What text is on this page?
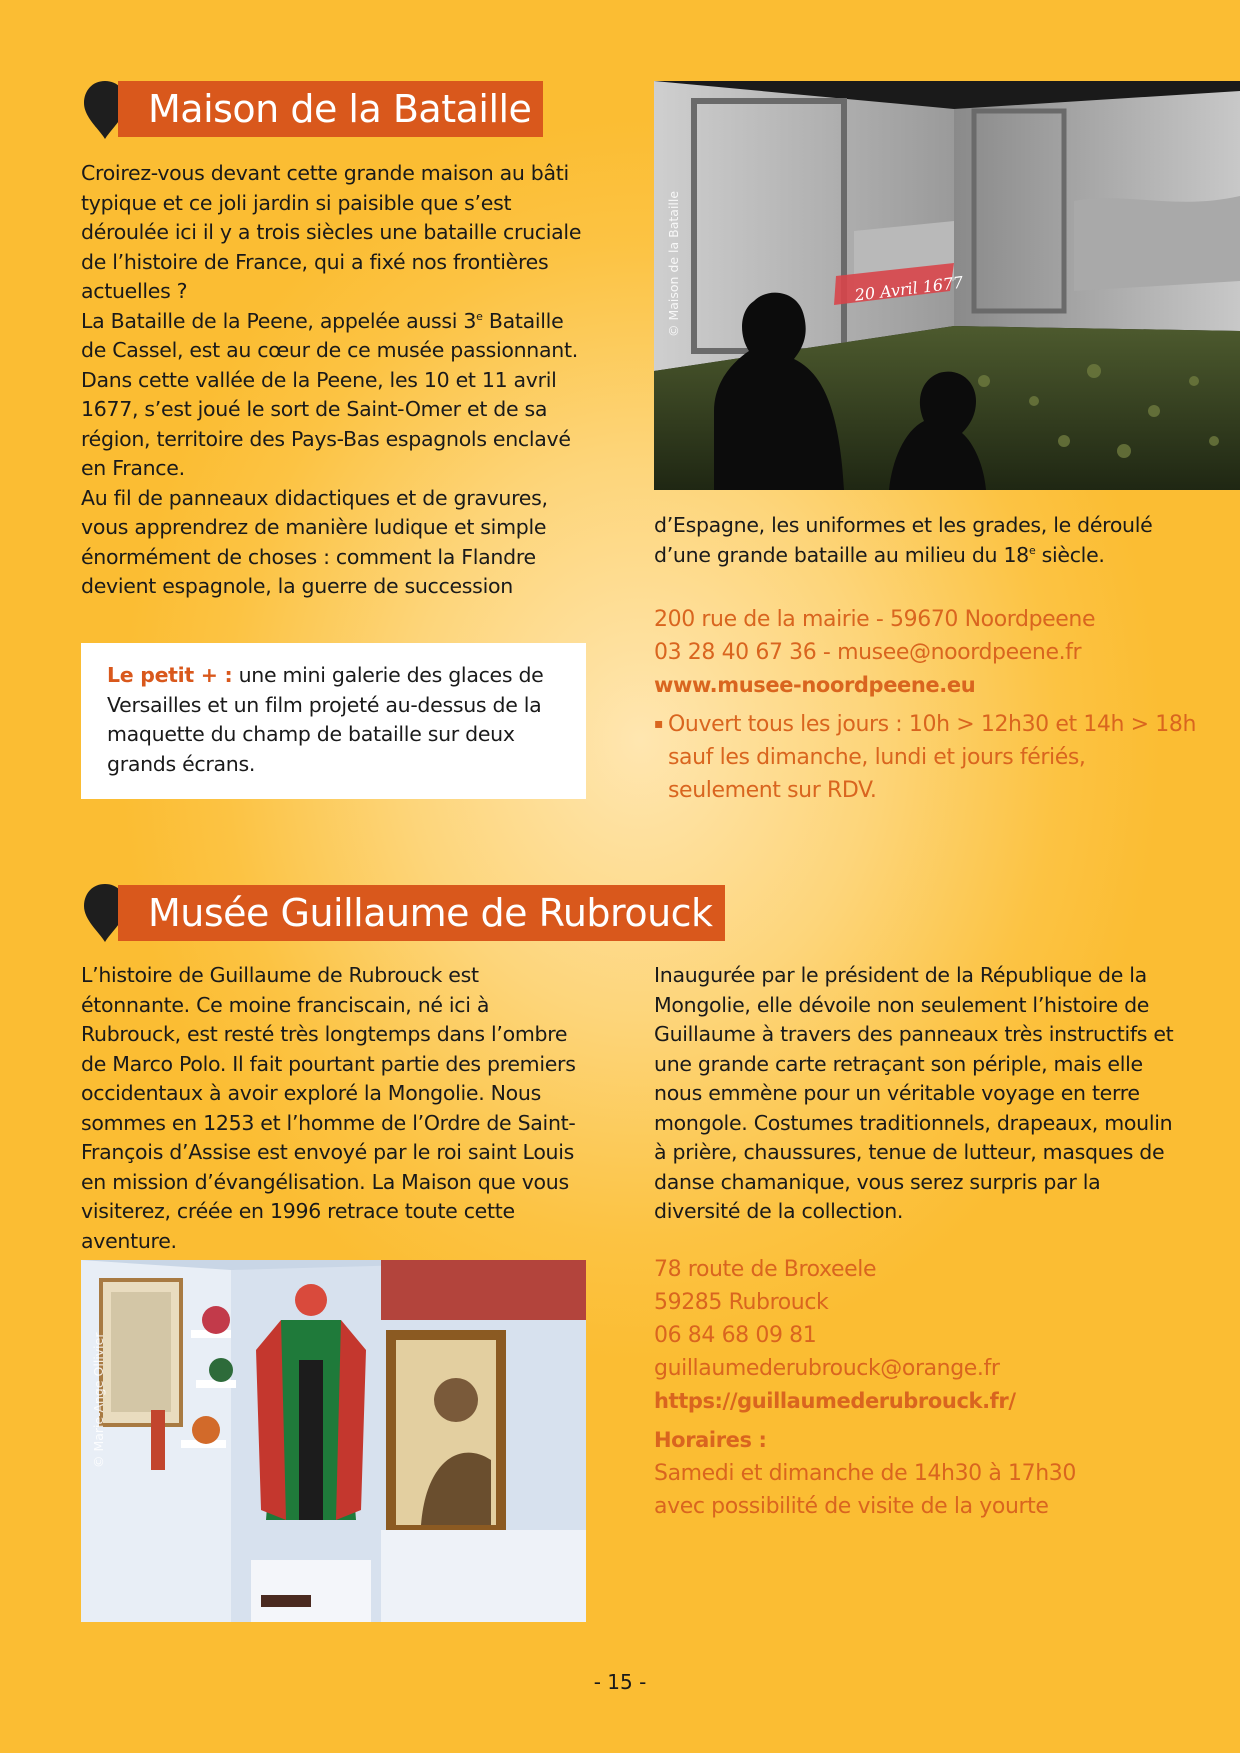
Maison de la Bataille

Croirez-vous devant cette grande maison au bâti typique et ce joli jardin si paisible que s’est déroulée ici il y a trois siècles une bataille cruciale de l’histoire de France, qui a fixé nos frontières actuelles ?

La Bataille de la Peene, appelée aussi 3e Bataille de Cassel, est au cœur de ce musée passionnant. Dans cette vallée de la Peene, les 10 et 11 avril 1677, s’est joué le sort de Saint-Omer et de sa région, territoire des Pays-Bas espagnols enclavé en France.

Au fil de panneaux didactiques et de gravures, vous apprendrez de manière ludique et simple énormément de choses : comment la Flandre devient espagnole, la guerre de succession

Le petit + : une mini galerie des glaces de Versailles et un film projeté au-dessus de la maquette du champ de bataille sur deux grands écrans.
20 Avril 1677
© Maison de la Bataille

d’Espagne, les uniformes et les grades, le déroulé d’une grande bataille au milieu du 18e siècle.

200 rue de la mairie - 59670 Noordpeene
03 28 40 67 36 - musee@noordpeene.fr
www.musee-noordpeene.eu
▪ Ouvert tous les jours : 10h > 12h30 et 14h > 18h sauf les dimanche, lundi et jours fériés, seulement sur RDV.
Musée Guillaume de Rubrouck
L’histoire de Guillaume de Rubrouck est étonnante. Ce moine franciscain, né ici à Rubrouck, est resté très longtemps dans l’ombre de Marco Polo. Il fait pourtant partie des premiers occidentaux à avoir exploré la Mongolie. Nous sommes en 1253 et l’homme de l’Ordre de Saint-François d’Assise est envoyé par le roi saint Louis en mission d’évangélisation. La Maison que vous visiterez, créée en 1996 retrace toute cette aventure.
Inaugurée par le président de la République de la Mongolie, elle dévoile non seulement l’histoire de Guillaume à travers des panneaux très instructifs et une grande carte retraçant son périple, mais elle nous emmène pour un véritable voyage en terre mongole. Costumes traditionnels, drapeaux, moulin à prière, chaussures, tenue de lutteur, masques de danse chamanique, vous serez surpris par la diversité de la collection.
© Marie-Ange Ollivier
78 route de Broxeele
59285 Rubrouck
06 84 68 09 81
guillaumederubrouck@orange.fr
https://guillaumederubrouck.fr/
Horaires :
Samedi et dimanche de 14h30 à 17h30
avec possibilité de visite de la yourte
- 15 -
